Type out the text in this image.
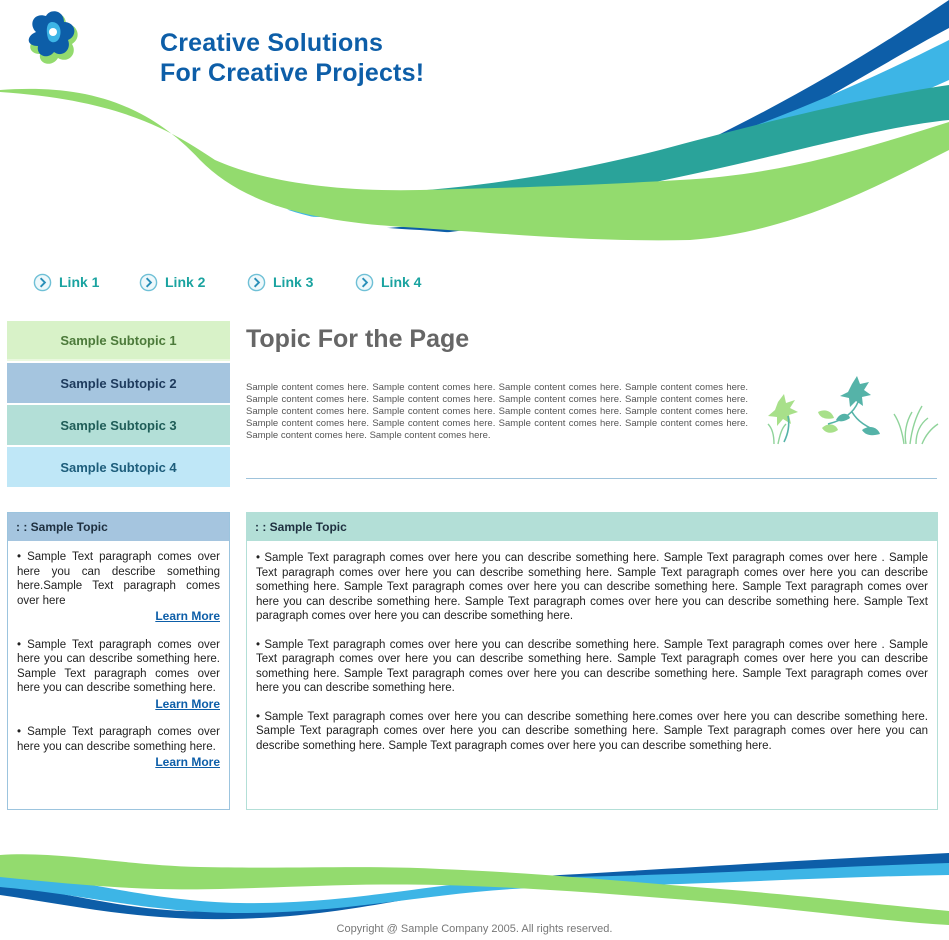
Creative Solutions
For Creative Projects!
Link 1	Link 2	Link 3	Link 4
Sample Subtopic 1
Sample Subtopic 2
Sample Subtopic 3
Sample Subtopic 4
Topic For the Page
Sample content comes here. Sample content comes here. Sample content comes here. Sample content comes here. Sample content comes here. Sample content comes here. Sample content comes here. Sample content comes here. Sample content comes here. Sample content comes here. Sample content comes here. Sample content comes here. Sample content comes here. Sample content comes here. Sample content comes here. Sample content comes here. Sample content comes here. Sample content comes here.
: : Sample Topic
• Sample Text paragraph comes over here you can describe something here.Sample Text paragraph comes over here
Learn More
• Sample Text paragraph comes over here you can describe something here. Sample Text paragraph comes over here you can describe something here.
Learn More
• Sample Text paragraph comes over here you can describe something here.
Learn More
: : Sample Topic
• Sample Text paragraph comes over here you can describe something here. Sample Text paragraph comes over here . Sample Text paragraph comes over here you can describe something here. Sample Text paragraph comes over here you can describe something here. Sample Text paragraph comes over here you can describe something here. Sample Text paragraph comes over here you can describe something here. Sample Text paragraph comes over here you can describe something here. Sample Text paragraph comes over here you can describe something here.
• Sample Text paragraph comes over here you can describe something here. Sample Text paragraph comes over here . Sample Text paragraph comes over here you can describe something here. Sample Text paragraph comes over here you can describe something here. Sample Text paragraph comes over here you can describe something here. Sample Text paragraph comes over here you can describe something here.
• Sample Text paragraph comes over here you can describe something here.comes over here you can describe something here. Sample Text paragraph comes over here you can describe something here. Sample Text paragraph comes over here you can describe something here. Sample Text paragraph comes over here you can describe something here.
Copyright @ Sample Company 2005. All rights reserved.
